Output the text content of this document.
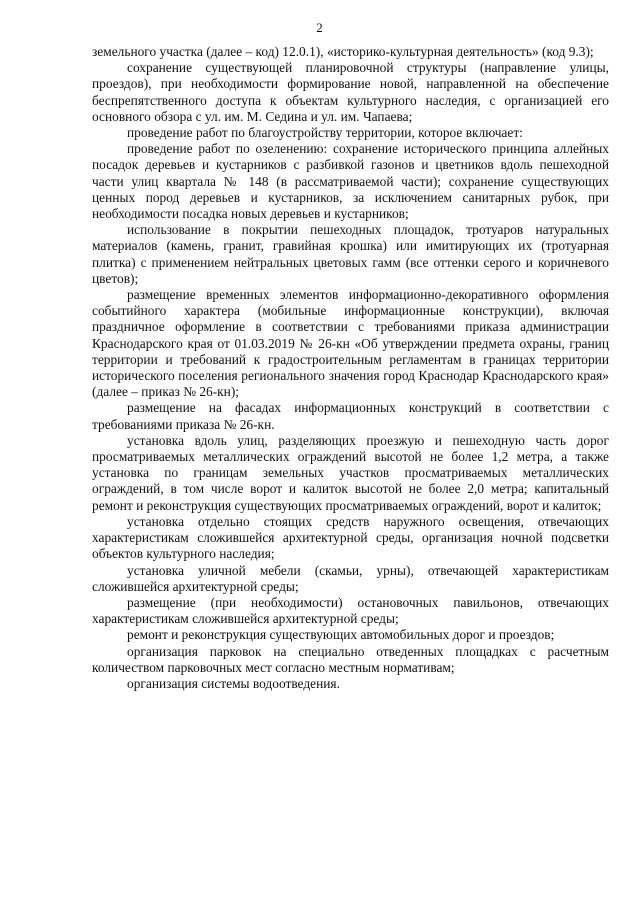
2

земельного участка (далее – код) 12.0.1), «историко-культурная деятельность» (код 9.3);

сохранение существующей планировочной структуры (направление улицы, проездов), при необходимости формирование новой, направленной на обеспечение беспрепятственного доступа к объектам культурного наследия, с организацией его основного обзора с ул. им. М. Седина и ул. им. Чапаева;

проведение работ по благоустройству территории, которое включает:

проведение работ по озеленению: сохранение исторического принципа аллейных посадок деревьев и кустарников с разбивкой газонов и цветников вдоль пешеходной части улиц квартала № 148 (в рассматриваемой части); сохранение существующих ценных пород деревьев и кустарников, за исключением санитарных рубок, при необходимости посадка новых деревьев и кустарников;

использование в покрытии пешеходных площадок, тротуаров натуральных материалов (камень, гранит, гравийная крошка) или имитирующих их (тротуарная плитка) с применением нейтральных цветовых гамм (все оттенки серого и коричневого цветов);

размещение временных элементов информационно-декоративного оформления событийного характера (мобильные информационные конструкции), включая праздничное оформление в соответствии с требованиями приказа администрации Краснодарского края от 01.03.2019 № 26-кн «Об утверждении предмета охраны, границ территории и требований к градостроительным регламентам в границах территории исторического поселения регионального значения город Краснодар Краснодарского края» (далее – приказ № 26-кн);

размещение на фасадах информационных конструкций в соответствии с требованиями приказа № 26-кн.

установка вдоль улиц, разделяющих проезжую и пешеходную часть дорог просматриваемых металлических ограждений высотой не более 1,2 метра, а также установка по границам земельных участков просматриваемых металлических ограждений, в том числе ворот и калиток высотой не более 2,0 метра; капитальный ремонт и реконструкция существующих просматриваемых ограждений, ворот и калиток;

установка отдельно стоящих средств наружного освещения, отвечающих характеристикам сложившейся архитектурной среды, организация ночной подсветки объектов культурного наследия;

установка уличной мебели (скамьи, урны), отвечающей характеристикам сложившейся архитектурной среды;

размещение (при необходимости) остановочных павильонов, отвечающих характеристикам сложившейся архитектурной среды;

ремонт и реконструкция существующих автомобильных дорог и проездов;

организация парковок на специально отведенных площадках с расчетным количеством парковочных мест согласно местным нормативам;

организация системы водоотведения.
